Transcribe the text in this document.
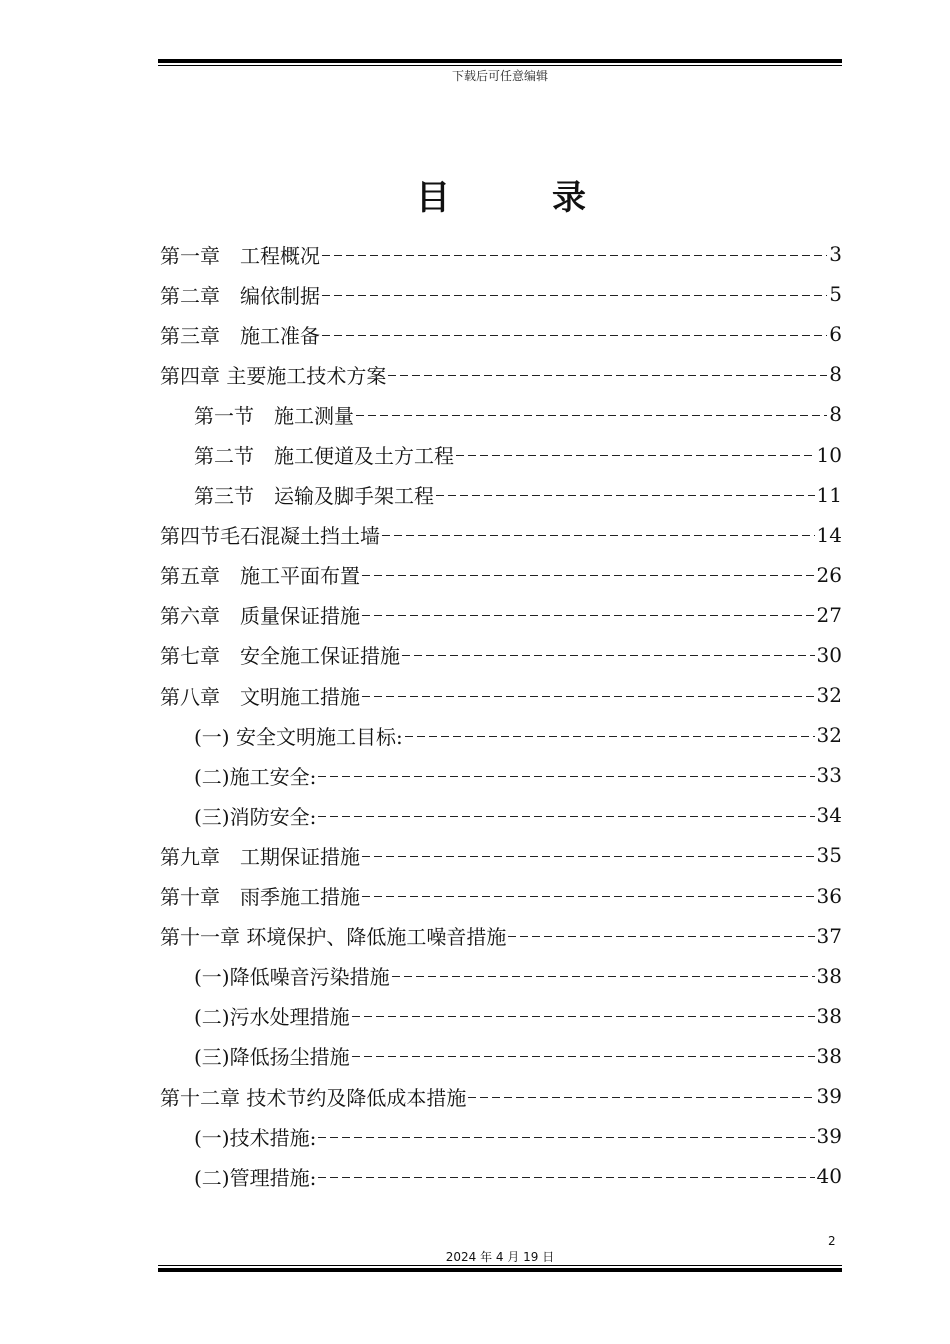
下载后可任意编辑
目	录
第一章　工程概况	3
第二章　编依制据	5
第三章　施工准备	6
第四章 主要施工技术方案	8
第一节　施工测量	8
第二节　施工便道及土方工程	10
第三节　运输及脚手架工程	11
第四节毛石混凝土挡土墙	14
第五章　施工平面布置	26
第六章　质量保证措施	27
第七章　安全施工保证措施	30
第八章　文明施工措施	32
(一) 安全文明施工目标:	32
(二)施工安全:	33
(三)消防安全:	34
第九章　工期保证措施	35
第十章　雨季施工措施	36
第十一章 环境保护、降低施工噪音措施	37
(一)降低噪音污染措施	38
(二)污水处理措施	38
(三)降低扬尘措施	38
第十二章 技术节约及降低成本措施	39
(一)技术措施:	39
(二)管理措施:	40
2
2024 年 4 月 19 日
